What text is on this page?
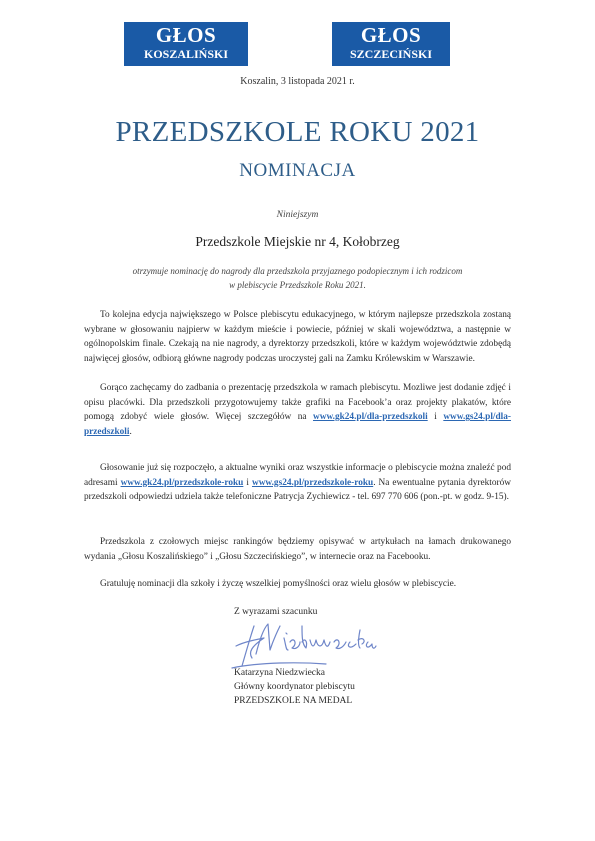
GŁOS
KOSZALIŃSKI
GŁOS
SZCZECIŃSKI
Koszalin, 3 listopada 2021 r.
PRZEDSZKOLE ROKU 2021
NOMINACJA
Niniejszym
Przedszkole Miejskie nr 4, Kołobrzeg
otrzymuje nominację do nagrody dla przedszkola przyjaznego podopiecznym i ich rodzicom
w plebiscycie Przedszkole Roku 2021.

To kolejna edycja największego w Polsce plebiscytu edukacyjnego, w którym najlepsze przedszkola zostaną wybrane w głosowaniu najpierw w każdym mieście i powiecie, później w skali województwa, a następnie w ogólnopolskim finale. Czekają na nie nagrody, a dyrektorzy przedszkoli, które w każdym województwie zdobędą najwięcej głosów, odbiorą główne nagrody podczas uroczystej gali na Zamku Królewskim w Warszawie.

Gorąco zachęcamy do zadbania o prezentację przedszkola w ramach plebiscytu. Mozliwe jest dodanie zdjęć i opisu placówki. Dla przedszkoli przygotowujemy także grafiki na Facebook’a oraz projekty plakatów, które pomogą zdobyć wiele głosów. Więcej szczegółów na www.gk24.pl/dla-przedszkoli i www.gs24.pl/dla-przedszkoli.

Głosowanie już się rozpoczęło, a aktualne wyniki oraz wszystkie informacje o plebiscycie można znaleźć pod adresami www.gk24.pl/przedszkole-roku i www.gs24.pl/przedszkole-roku. Na ewentualne pytania dyrektorów przedszkoli odpowiedzi udziela także telefoniczne Patrycja Zychiewicz - tel. 697 770 606 (pon.-pt. w godz. 9-15).

Przedszkola z czołowych miejsc rankingów będziemy opisywać w artykułach na łamach drukowanego wydania „Głosu Koszalińskiego” i „Głosu Szczecińskiego”, w internecie oraz na Facebooku.

Gratuluję nominacji dla szkoły i życzę wszelkiej pomyślności oraz wielu głosów w plebiscycie.

Z wyrazami szacunku
Katarzyna Niedzwiecka
Główny koordynator plebiscytu
PRZEDSZKOLE NA MEDAL
